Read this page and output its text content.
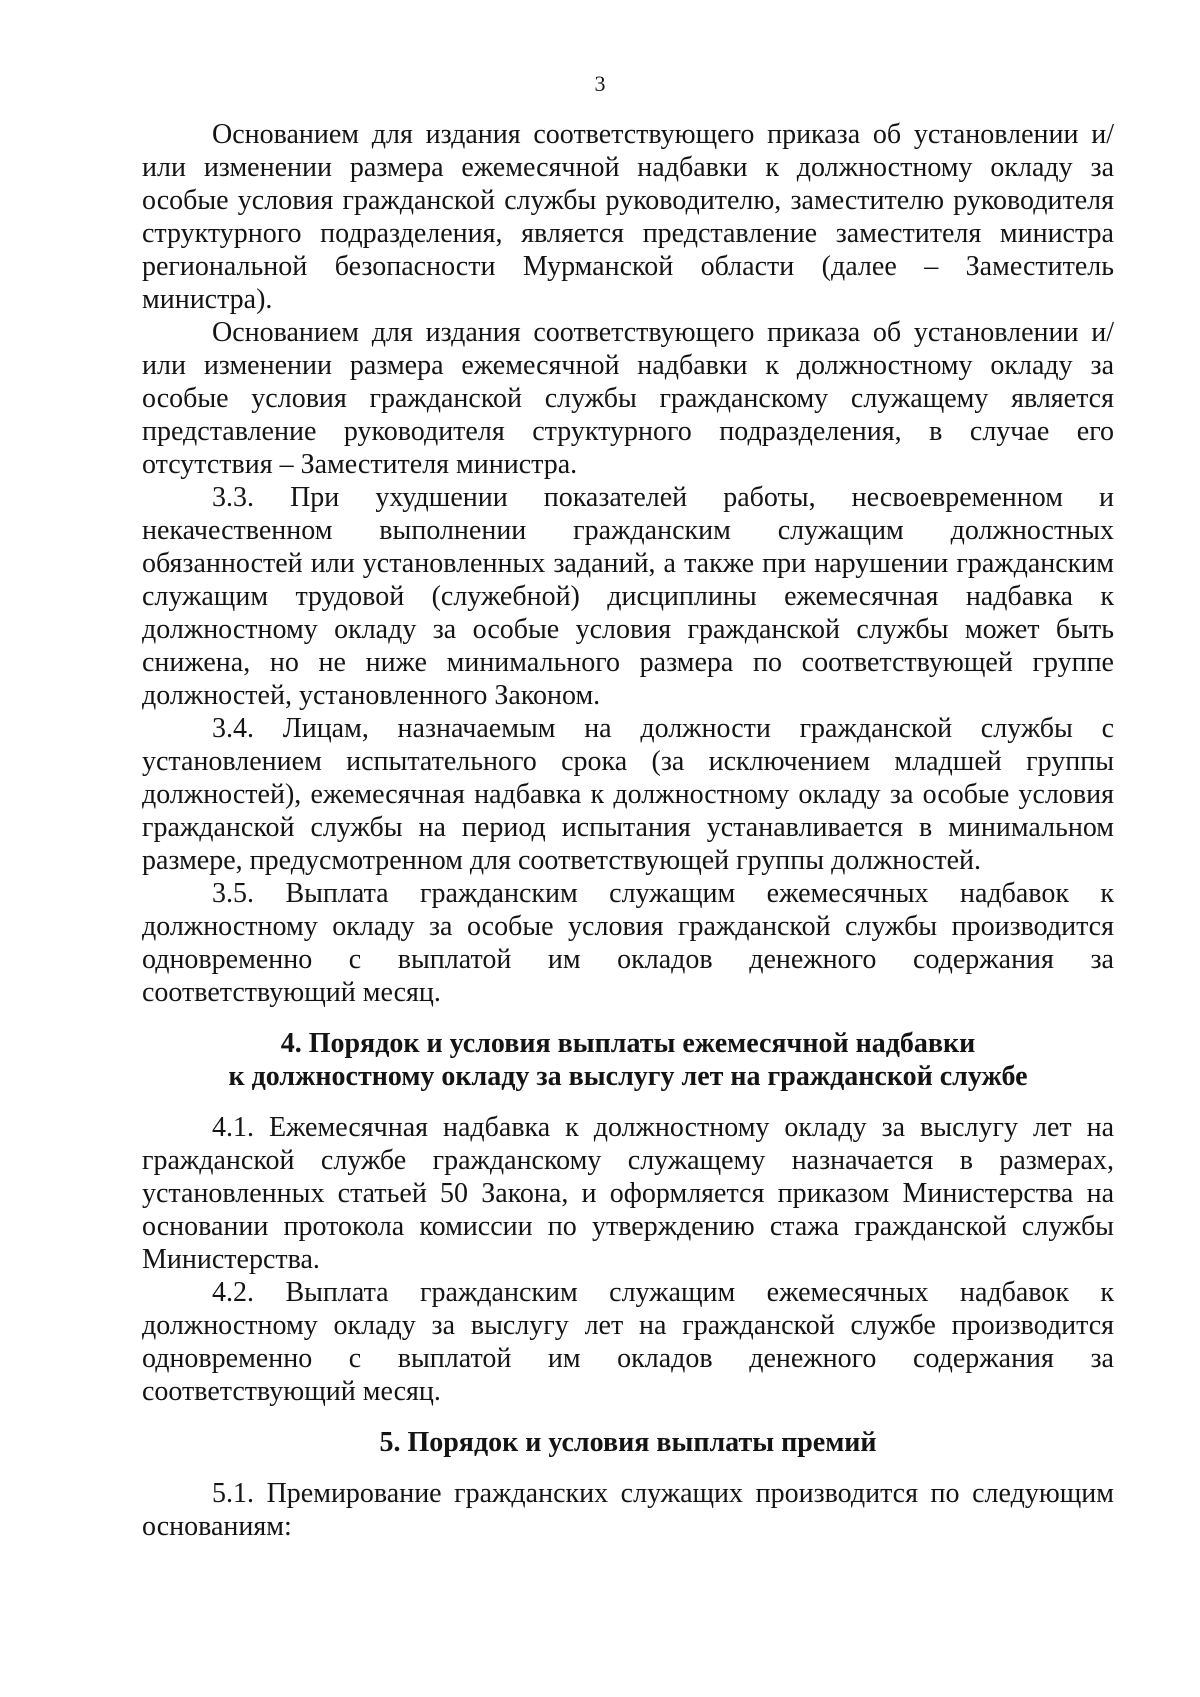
3

Основанием для издания соответствующего приказа об установлении и/или изменении размера ежемесячной надбавки к должностному окладу за особые условия гражданской службы руководителю, заместителю руководителя структурного подразделения, является представление заместителя министра региональной безопасности Мурманской области (далее – Заместитель министра).

Основанием для издания соответствующего приказа об установлении и/или изменении размера ежемесячной надбавки к должностному окладу за особые условия гражданской службы гражданскому служащему является представление руководителя структурного подразделения, в случае его отсутствия – Заместителя министра.

3.3. При ухудшении показателей работы, несвоевременном и некачественном выполнении гражданским служащим должностных обязанностей или установленных заданий, а также при нарушении гражданским служащим трудовой (служебной) дисциплины ежемесячная надбавка к должностному окладу за особые условия гражданской службы может быть снижена, но не ниже минимального размера по соответствующей группе должностей, установленного Законом.

3.4. Лицам, назначаемым на должности гражданской службы с установлением испытательного срока (за исключением младшей группы должностей), ежемесячная надбавка к должностному окладу за особые условия гражданской службы на период испытания устанавливается в минимальном размере, предусмотренном для соответствующей группы должностей.

3.5. Выплата гражданским служащим ежемесячных надбавок к должностному окладу за особые условия гражданской службы производится одновременно с выплатой им окладов денежного содержания за соответствующий месяц.

4. Порядок и условия выплаты ежемесячной надбавки
к должностному окладу за выслугу лет на гражданской службе

4.1. Ежемесячная надбавка к должностному окладу за выслугу лет на гражданской службе гражданскому служащему назначается в размерах, установленных статьей 50 Закона, и оформляется приказом Министерства на основании протокола комиссии по утверждению стажа гражданской службы Министерства.

4.2. Выплата гражданским служащим ежемесячных надбавок к должностному окладу за выслугу лет на гражданской службе производится одновременно с выплатой им окладов денежного содержания за соответствующий месяц.

5. Порядок и условия выплаты премий

5.1. Премирование гражданских служащих производится по следующим основаниям:
